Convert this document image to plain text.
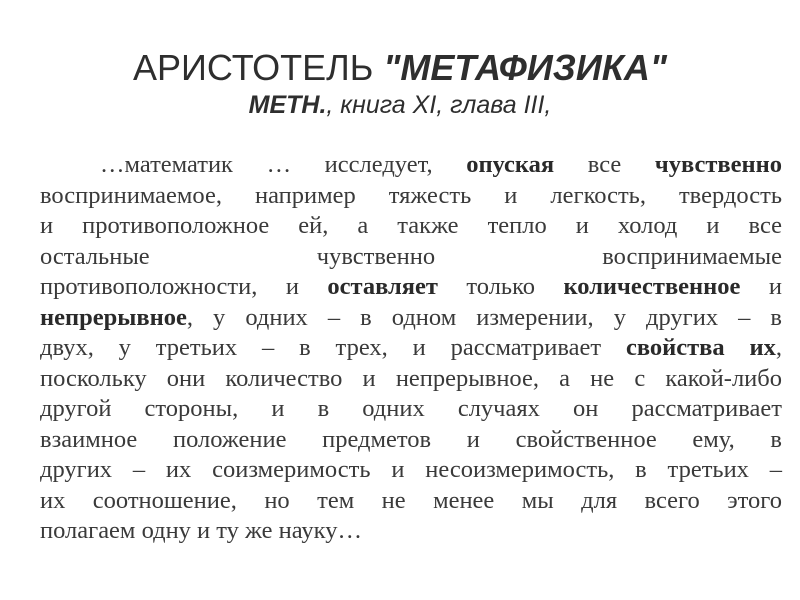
АРИСТОТЕЛЬ "МЕТАФИЗИКА"
METH., книга XI, глава III,
…математик … исследует, опуская все чувственно
воспринимаемое, например тяжесть и легкость, твердость
и противоположное ей, а также тепло и холод и все
остальные чувственно воспринимаемые
противоположности, и оставляет только количественное и
непрерывное, у одних – в одном измерении, у других – в
двух, у третьих – в трех, и рассматривает свойства их,
поскольку они количество и непрерывное, а не с какой-либо
другой стороны, и в одних случаях он рассматривает
взаимное положение предметов и свойственное ему, в
других – их соизмеримость и несоизмеримость, в третьих –
их соотношение, но тем не менее мы для всего этого
полагаем одну и ту же науку…
